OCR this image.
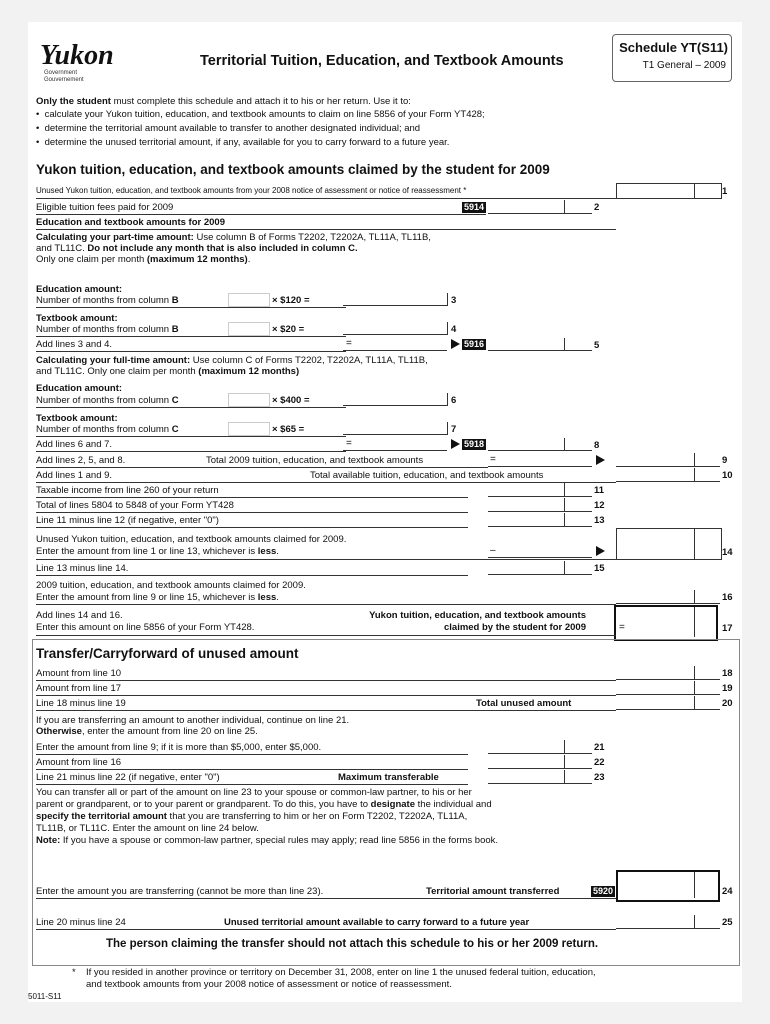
Yukon
Government
Gouvernement
Territorial Tuition, Education, and Textbook Amounts
Schedule YT(S11)
T1 General – 2009
Only the student must complete this schedule and attach it to his or her return. Use it to:
•  calculate your Yukon tuition, education, and textbook amounts to claim on line 5856 of your Form YT428;
•  determine the territorial amount available to transfer to another designated individual; and
•  determine the unused territorial amount, if any, available for you to carry forward to a future year.
Yukon tuition, education, and textbook amounts claimed by the student for 2009
Unused Yukon tuition, education, and textbook amounts from your 2008 notice of assessment or notice of reassessment *	1
Eligible tuition fees paid for 2009	5914	2
Education and textbook amounts for 2009
Calculating your part-time amount: Use column B of Forms T2202, T2202A, TL11A, TL11B,
and TL11C. Do not include any month that is also included in column C.
Only one claim per month (maximum 12 months).
Education amount:
Number of months from column B	× $120 =	3
Textbook amount:
Number of months from column B	× $20 =	4
Add lines 3 and 4.	=	5916	5
Calculating your full-time amount: Use column C of Forms T2202, T2202A, TL11A, TL11B,
and TL11C. Only one claim per month (maximum 12 months)
Education amount:
Number of months from column C	× $400 =	6
Textbook amount:
Number of months from column C	× $65 =	7
Add lines 6 and 7.	=	5918	8
Add lines 2, 5, and 8.	Total 2009 tuition, education, and textbook amounts	=	9
Add lines 1 and 9.	Total available tuition, education, and textbook amounts	10
Taxable income from line 260 of your return	11
Total of lines 5804 to 5848 of your Form YT428	12
Line 11 minus line 12 (if negative, enter "0")	13
Unused Yukon tuition, education, and textbook amounts claimed for 2009.
Enter the amount from line 1 or line 13, whichever is less.	–	14
Line 13 minus line 14.	15
2009 tuition, education, and textbook amounts claimed for 2009.
Enter the amount from line 9 or line 15, whichever is less.	16
Add lines 14 and 16.
Enter this amount on line 5856 of your Form YT428.
Yukon tuition, education, and textbook amounts
claimed by the student for 2009	=	17
Transfer/Carryforward of unused amount
Amount from line 10	18
Amount from line 17	19
Line 18 minus line 19	Total unused amount	20
If you are transferring an amount to another individual, continue on line 21.
Otherwise, enter the amount from line 20 on line 25.
Enter the amount from line 9; if it is more than $5,000, enter $5,000.	21
Amount from line 16	22
Line 21 minus line 22 (if negative, enter "0")	Maximum transferable	23
You can transfer all or part of the amount on line 23 to your spouse or common-law partner, to his or her
parent or grandparent, or to your parent or grandparent. To do this, you have to designate the individual and
specify the territorial amount that you are transferring to him or her on Form T2202, T2202A, TL11A,
TL11B, or TL11C. Enter the amount on line 24 below.
Note: If you have a spouse or common-law partner, special rules may apply; read line 5856 in the forms book.
Enter the amount you are transferring (cannot be more than line 23).	Territorial amount transferred	5920	24
Line 20 minus line 24	Unused territorial amount available to carry forward to a future year	25
The person claiming the transfer should not attach this schedule to his or her 2009 return.
* If you resided in another province or territory on December 31, 2008, enter on line 1 the unused federal tuition, education,
and textbook amounts from your 2008 notice of assessment or notice of reassessment.
5011-S11
